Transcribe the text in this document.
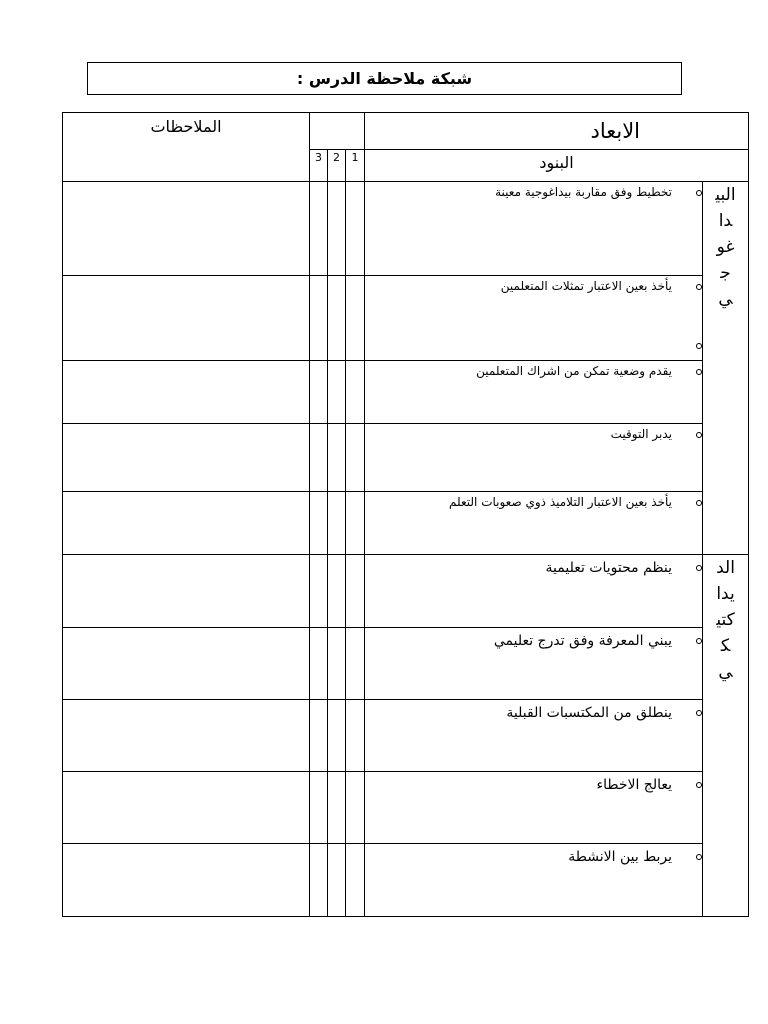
شبكة ملاحظة الدرس :
الملاحظات				الابعاد	

	3	2	1	البنود	

				تخطيط وفق مقاربة بيداغوجية معينة	البيداغوجي

				يأخذ بعين الاعتبار تمثلات المتعلمين	

				يقدم وضعية تمكن من اشراك المتعلمين	

				يدبر التوقيت	

				يأخذ بعين الاعتبار التلاميذ ذوي صعوبات التعلم	

				ينظم محتويات تعليمية	الديداكتيكي

				يبني المعرفة وفق تدرج تعليمي	

				ينطلق من المكتسبات القبلية	

				يعالج الاخطاء	

				يربط بين الانشطة	
